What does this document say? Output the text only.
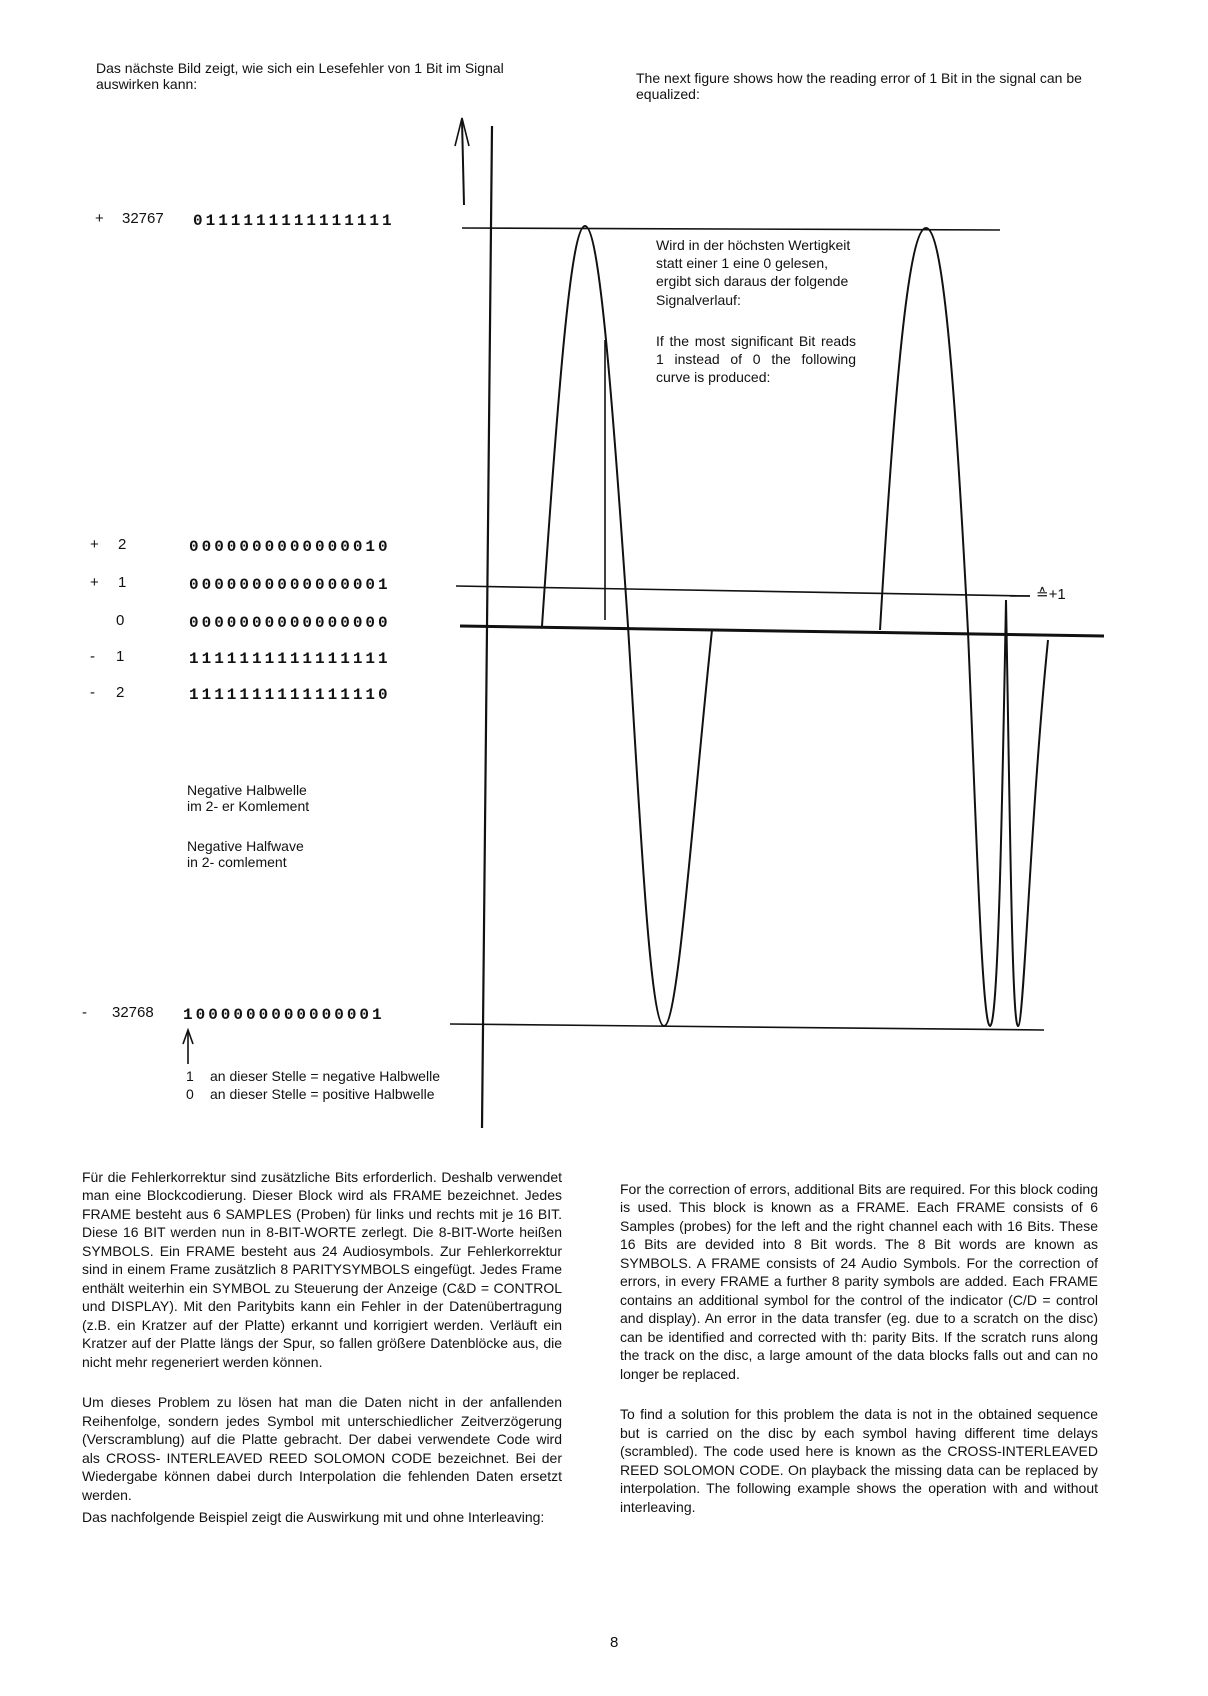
Das nächste Bild zeigt, wie sich ein Lesefehler von 1 Bit im Signal auswirken kann:	The next figure shows how the reading error of 1 Bit in the signal can be equalized:
+ 32767 0111111111111111
+ 2	0000000000000010
+ 1	0000000000000001
0	0000000000000000
- 1	1111111111111111
- 2	1111111111111110
- 32768 1000000000000001
Wird in der höchsten Wertigkeit statt einer 1 eine 0 gelesen, ergibt sich daraus der folgende Signalverlauf:
If the most significant Bit reads 1 instead of 0 the following curve is produced:
≙+1
Negative Halbwelle
im 2- er Komlement
Negative Halfwave
in 2- comlement
1 an dieser Stelle = negative Halbwelle
0 an dieser Stelle = positive Halbwelle

Für die Fehlerkorrektur sind zusätzliche Bits erforderlich. Deshalb verwendet man eine Blockcodierung. Dieser Block wird als FRAME bezeichnet. Jedes FRAME besteht aus 6 SAMPLES (Proben) für links und rechts mit je 16 BIT. Diese 16 BIT werden nun in 8-BIT-WORTE zerlegt. Die 8-BIT-Worte heißen SYMBOLS. Ein FRAME besteht aus 24 Audiosymbols. Zur Fehlerkorrektur sind in einem Frame zusätzlich 8 PARITYSYMBOLS eingefügt. Jedes Frame enthält weiterhin ein SYMBOL zu Steuerung der Anzeige (C&D = CONTROL und DISPLAY). Mit den Paritybits kann ein Fehler in der Datenübertragung (z.B. ein Kratzer auf der Platte) erkannt und korrigiert werden. Verläuft ein Kratzer auf der Platte längs der Spur, so fallen größere Datenblöcke aus, die nicht mehr regeneriert werden können.

Um dieses Problem zu lösen hat man die Daten nicht in der anfallenden Reihenfolge, sondern jedes Symbol mit unterschiedlicher Zeitverzögerung (Verscramblung) auf die Platte gebracht. Der dabei verwendete Code wird als CROSS- INTERLEAVED REED SOLOMON CODE bezeichnet. Bei der Wiedergabe können dabei durch Interpolation die fehlenden Daten ersetzt werden.

Das nachfolgende Beispiel zeigt die Auswirkung mit und ohne Interleaving:

For the correction of errors, additional Bits are required. For this block coding is used. This block is known as a FRAME. Each FRAME consists of 6 Samples (probes) for the left and the right channel each with 16 Bits. These 16 Bits are devided into 8 Bit words. The 8 Bit words are known as SYMBOLS. A FRAME consists of 24 Audio Symbols. For the correction of errors, in every FRAME a further 8 parity symbols are added. Each FRAME contains an additional symbol for the control of the indicator (C/D = control and display). An error in the data transfer (eg. due to a scratch on the disc) can be identified and corrected with th: parity Bits. If the scratch runs along the track on the disc, a large amount of the data blocks falls out and can no longer be replaced.

To find a solution for this problem the data is not in the obtained sequence but is carried on the disc by each symbol having different time delays (scrambled). The code used here is known as the CROSS-INTERLEAVED REED SOLOMON CODE. On playback the missing data can be replaced by interpolation. The following example shows the operation with and without interleaving.

8
